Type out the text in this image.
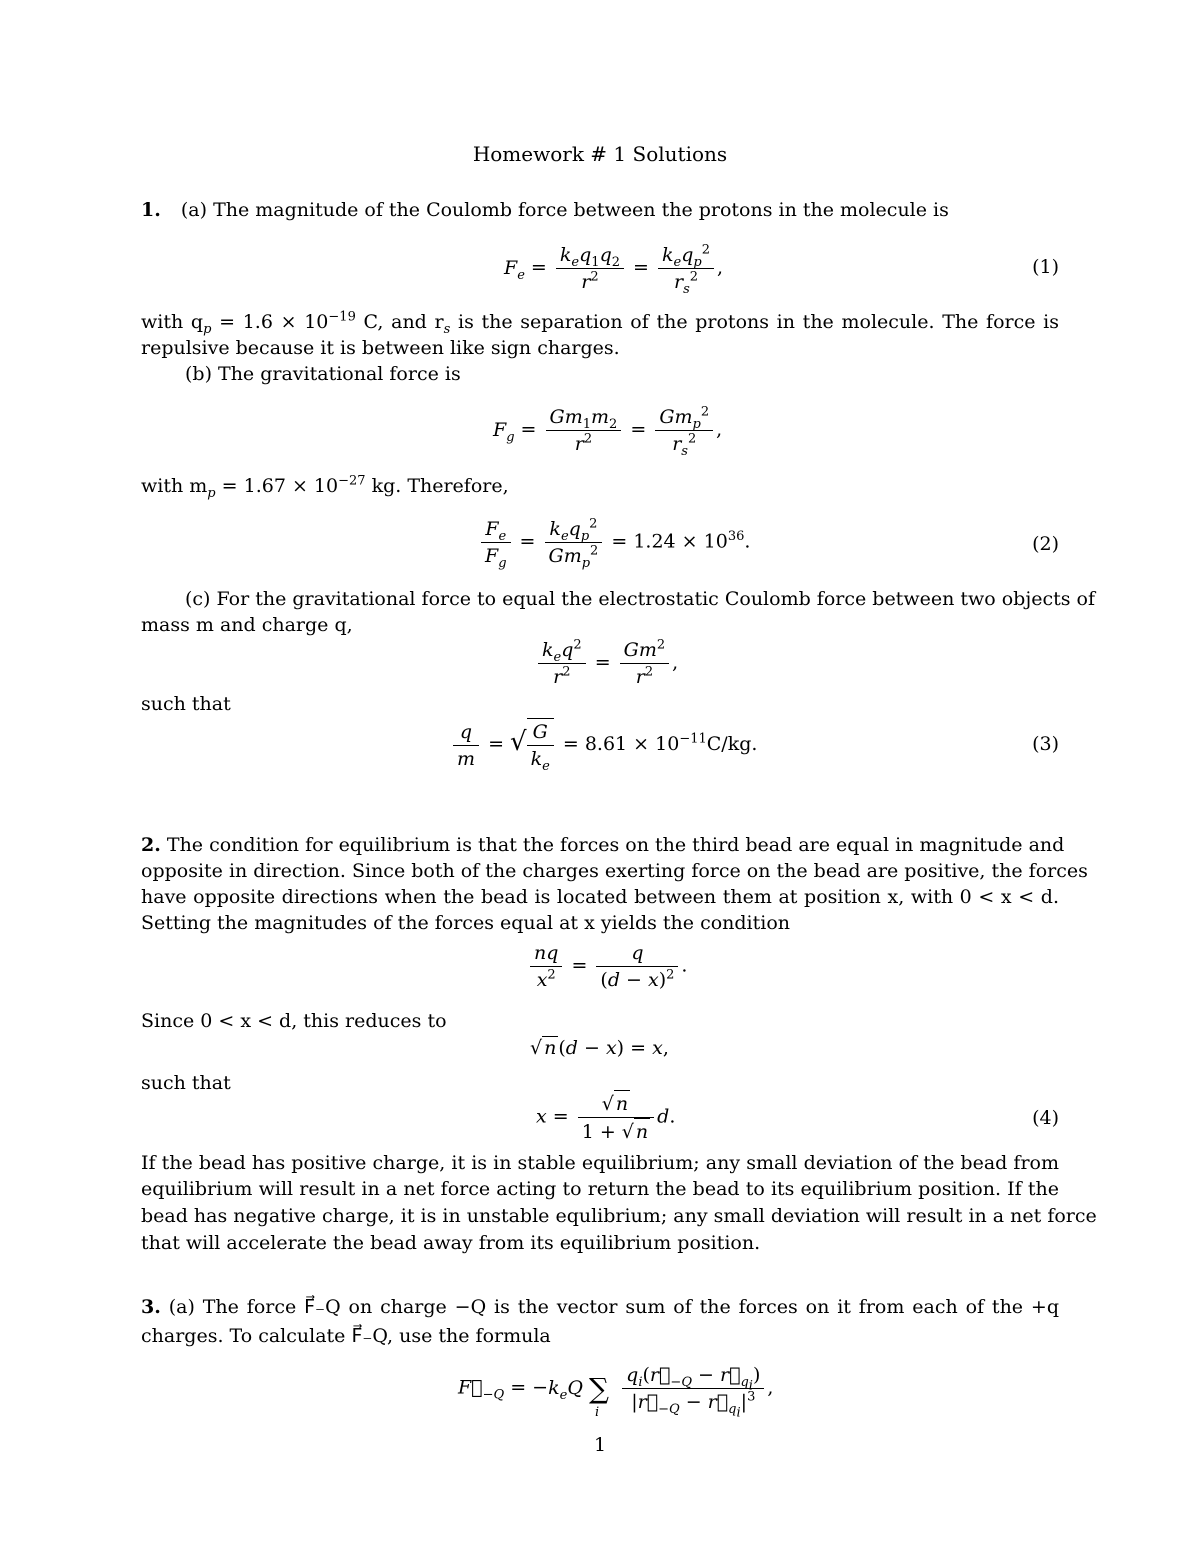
Homework # 1 Solutions
1. (a) The magnitude of the Coulomb force between the protons in the molecule is
$F_e = \frac{k_eq_1q_2}{r^2} = \frac{k_eq_p^2}{r_s^2}$ ,	(1)
with $q_p = 1.6 \times 10^{-19}$ C, and $r_s$ is the separation of the protons in the molecule. The force is
repulsive because it is between like sign charges.
(b) The gravitational force is
$F_g = \frac{Gm_1m_2}{r^2} = \frac{Gm_p^2}{r_s^2}$ ,
with $m_p = 1.67 \times 10^{-27}$ kg. Therefore,
$\frac{F_e}{F_g} = \frac{k_eq_p^2}{Gm_p^2} = 1.24 \times 10^{36}$.	(2)
(c) For the gravitational force to equal the electrostatic Coulomb force between two objects of
mass m and charge q,
$\frac{k_eq^2}{r^2} = \frac{Gm^2}{r^2}$ ,
such that
$\frac{q}{m}$ = √ $\frac{G}{k_e} = 8.61 \times 10^{-11}C/kg$.	(3)
2. The condition for equilibrium is that the forces on the third bead are equal in magnitude and
opposite in direction. Since both of the charges exerting force on the bead are positive, the forces
have opposite directions when the bead is located between them at position x, with 0 < x < d.
Setting the magnitudes of the forces equal at x yields the condition
$\frac{nq}{x^2} = \frac{q}{(d - x)^2}$ .
Since 0 < x < d, this reduces to
√ n (d − x) = x,
such that
$x = \frac{√ n}{1 + √ n} d$.	(4)
If the bead has positive charge, it is in stable equilibrium; any small deviation of the bead from
equilibrium will result in a net force acting to return the bead to its equilibrium position. If the
bead has negative charge, it is in unstable equlibrium; any small deviation will result in a net force
that will accelerate the bead away from its equilibrium position.
3. (a) The force F⃗₋Q on charge −Q is the vector sum of the forces on it from each of the +q
charges. To calculate F⃗₋Q, use the formula
$F⃗_{-Q} = -k_eQ$ $\sum_i \frac{q_i(r⃗_{-Q} - r⃗_{q_i})}{|r⃗_{-Q} - r⃗_{q_i}|^3}$ ,
1
